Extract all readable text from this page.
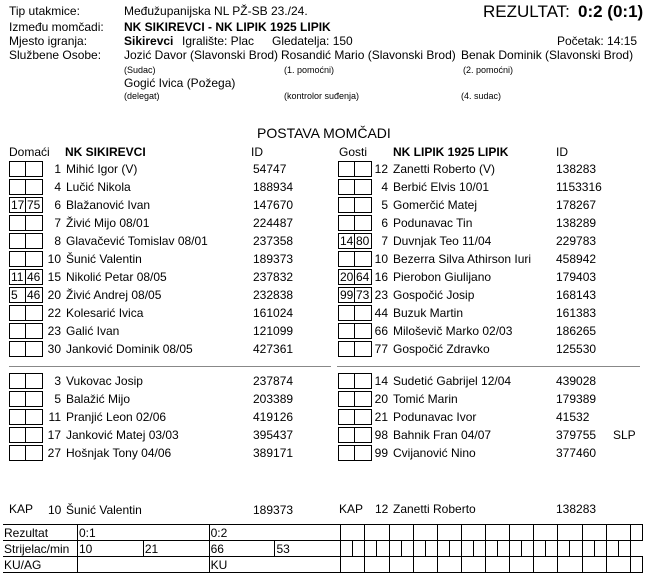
Tip utakmice:	Međužupanijska NL PŽ-SB 23./24.	REZULTAT: 0:2 (0:1)
Između momčadi: NK SIKIREVCI - NK LIPIK 1925 LIPIK
Mjesto igranja:	Sikirevci Igralište: Plac Gledatelja: 150	Početak: 14:15
Službene Osobe: Jozić Davor (Slavonski Brod) Rosandić Mario (Slavonski Brod) Benak Dominik (Slavonski Brod)
(Sudac)	(1. pomoćni)	(2. pomoćni)
Gogić Ivica (Požega)
(delegat)	(kontrolor suđenja)	(4. sudac)
POSTAVA MOMČADI
Domaći NK SIKIREVCI	ID	Gosti NK LIPIK 1925 LIPIK	ID
1 Mihić Igor (V)	54747
4 Lučić Nikola	188934
17 75	6 Blažanović Ivan	147670
7 Živić Mijo 08/01	224487
8 Glavačević Tomislav 08/01	237358
10 Šunić Valentin	189373
11 46 15 Nikolić Petar 08/05	237832
5 46 20 Živić Andrej 08/05	232838
22 Kolesarić Ivica	161024
23 Galić Ivan	121099
30 Janković Dominik 08/05	427361
3 Vukovac Josip	237874
5 Balažić Mijo	203389
11 Pranjić Leon 02/06	419126
17 Janković Matej 03/03	395437
27 Hošnjak Tony 04/06	389171
12 Zanetti Roberto (V)	138283
4 Berbić Elvis 10/01	1153316
5 Gomerčić Matej	178267
6 Podunavac Tin	138289
14 80 7 Duvnjak Teo 11/04	229783
10 Bezerra Silva Athirson Iuri 458942
20 64 16 Pierobon Giulijano	179403
99 73 23 Gospočić Josip	168143
44 Buzuk Martin	161383
66 Miloševič Marko 02/03	186265
77 Gospočić Zdravko	125530
14 Sudetić Gabrijel 12/04	439028
20 Tomić Marin	179389
21 Podunavac Ivor	41532
98 Bahnik Fran 04/07	379755 SLP
99 Cvijanović Nino	377460
KAP 10 Šunić Valentin	189373	KAP 12 Zanetti Roberto	138283
Rezultat	0:1		0:2																										
Strijelac/min	10	21	66	53																									
KU/AG			KU																										
